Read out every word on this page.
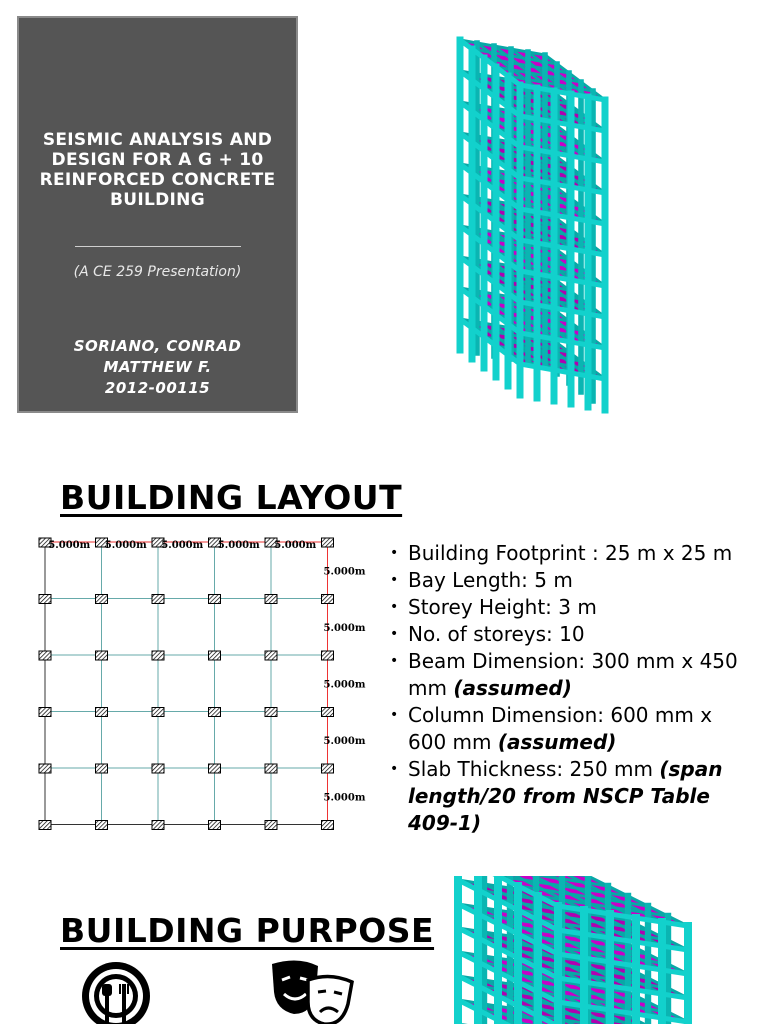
SEISMIC ANALYSIS AND DESIGN FOR A G + 10 REINFORCED CONCRETE BUILDING
(A CE 259 Presentation)
SORIANO, CONRAD MATTHEW F.
2012-00115
BUILDING LAYOUT
5.000m 5.000m 5.000m 5.000m 5.000m
5.000m
5.000m
5.000m
5.000m
5.000m
• Building Footprint : 25 m x 25 m
• Bay Length: 5 m
• Storey Height: 3 m
• No. of storeys: 10
• Beam Dimension: 300 mm x 450 mm (assumed)
• Column Dimension: 600 mm x 600 mm (assumed)
• Slab Thickness: 250 mm (span length/20 from NSCP Table 409-1)
BUILDING PURPOSE
